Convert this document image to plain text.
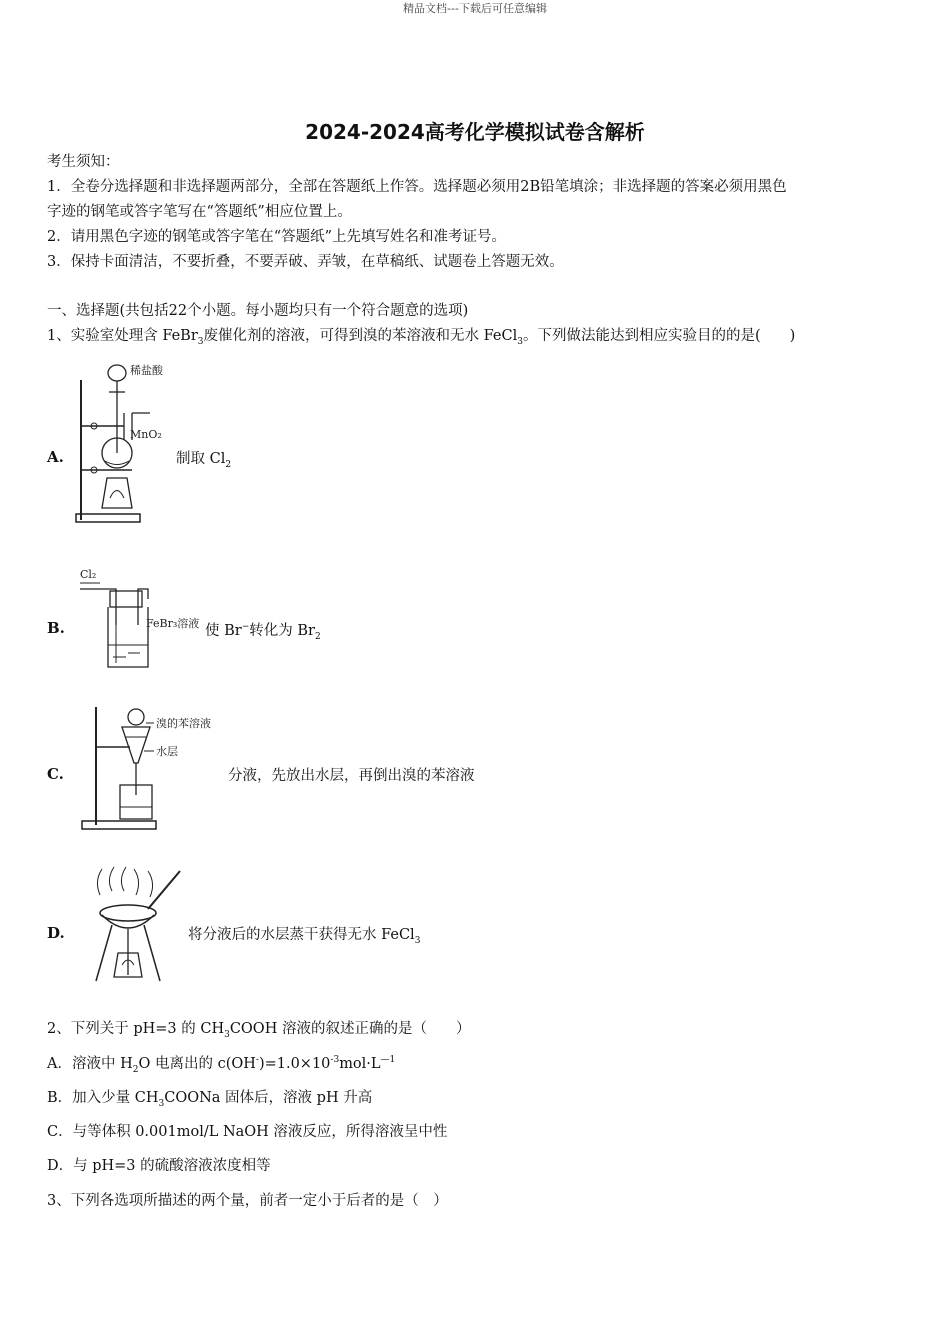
精品文档---下载后可任意编辑
2024-2024高考化学模拟试卷含解析
考生须知：
1．全卷分选择题和非选择题两部分，全部在答题纸上作答。选择题必须用2B铅笔填涂；非选择题的答案必须用黑色
字迹的钢笔或答字笔写在“答题纸”相应位置上。
2．请用黑色字迹的钢笔或答字笔在“答题纸”上先填写姓名和准考证号。
3．保持卡面清洁，不要折叠，不要弄破、弄皱，在草稿纸、试题卷上答题无效。
一、选择题(共包括22个小题。每小题均只有一个符合题意的选项)
1、实验室处理含 FeBr$_3$废催化剂的溶液，可得到溴的苯溶液和无水 FeCl$_3$。下列做法能达到相应实验目的的是(　　)
A.
稀盐酸
MnO₂
制取 $Cl_2$
B.
Cl₂
FeBr₃溶液 使 Br−转化为 $Br_2$
C.
溴的苯溶液
水层
分液，先放出水层，再倒出溴的苯溶液
D.	将分液后的水层蒸干获得无水 FeCl$_3$
2、下列关于 pH=3 的 $CH_3COOH$ 溶液的叙述正确的是（　　）
A．溶液中 $H_2O$ 电离出的 $c(OH^-)=1.0\times 10^{-3}mol\cdot L^{—1}$
B．加入少量 $CH_3COONa$ 固体后，溶液 pH 升高
C．与等体积 0.001mol/L NaOH 溶液反应，所得溶液呈中性
D．与 pH=3 的硫酸溶液浓度相等
3、下列各选项所描述的两个量，前者一定小于后者的是（　）
